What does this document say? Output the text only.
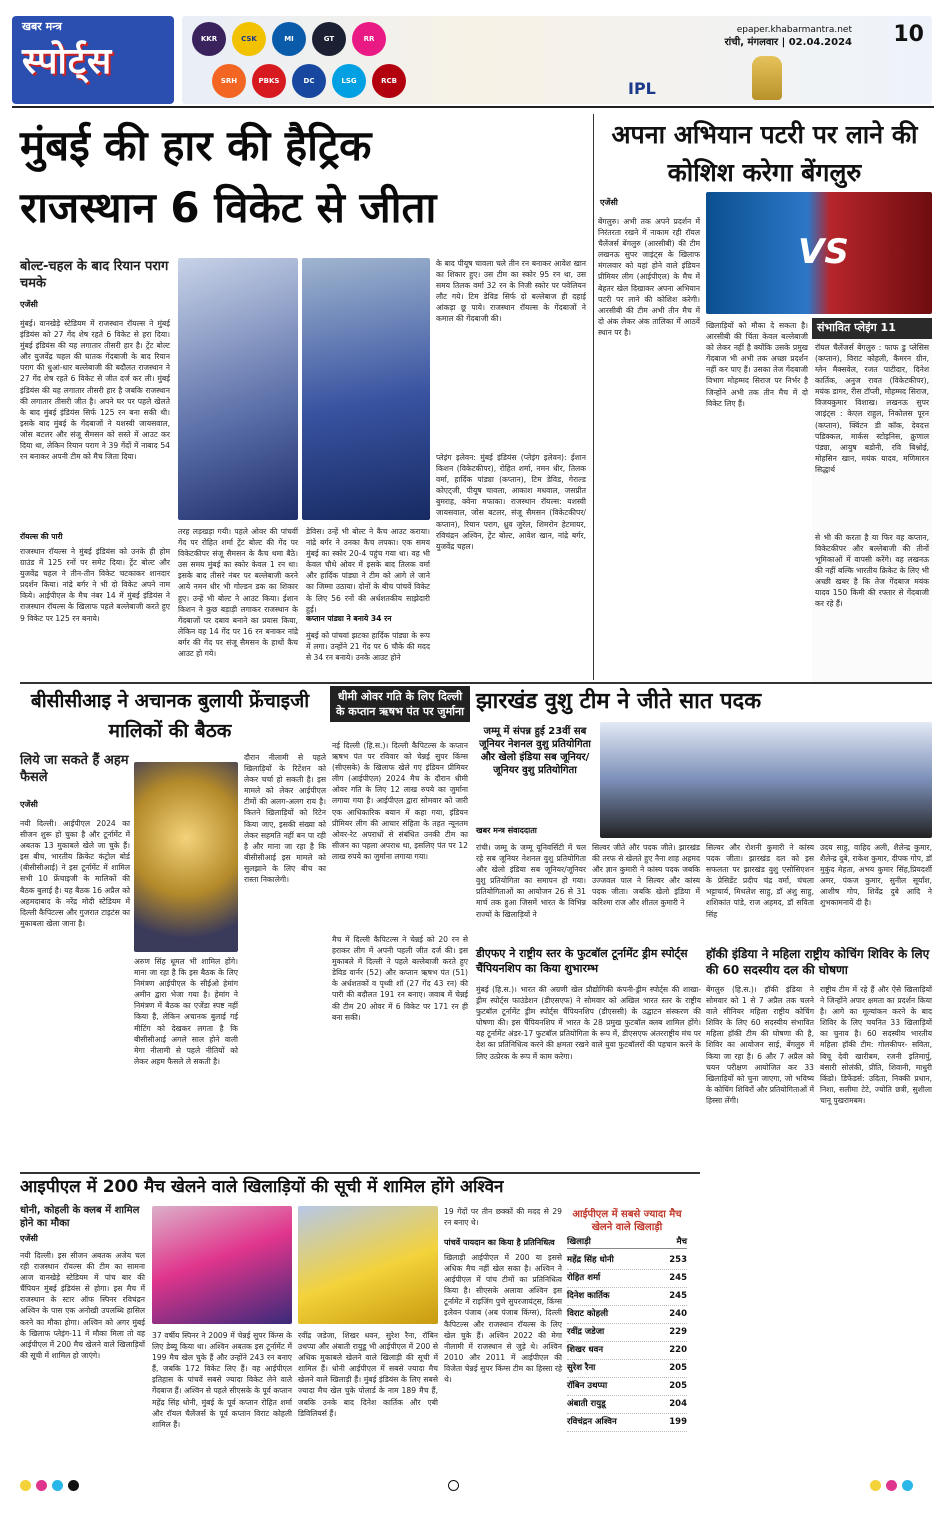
खबर मन्त्र
स्पोर्ट्स
KKR	CSK	MI	GT	RR
SRH	PBKS	DC	LSG	RCB	IPL
epaper.khabarmantra.net
रांची, मंगलवार | 02.04.2024 10
मुंबई की हार की हैट्रिक
राजस्थान 6 विकेट से जीता
बोल्ट-चहल के बाद रियान पराग चमके
एजेंसी
मुंबई। वानखेड़े स्टेडियम में राजस्थान रॉयल्स ने मुंबई इंडियंस को 27 गेंद शेष रहते 6 विकेट से हरा दिया। मुंबई इंडियंस की यह लगातार तीसरी हार है। ट्रेंट बोल्ट और युजवेंद्र चहल की घातक गेंदबाजी के बाद रियान पराग की धुआं-धार बल्लेबाजी की बदौलत राजस्थान ने 27 गेंद शेष रहते 6 विकेट से जीत दर्ज कर ली। मुंबई इंडियंस की यह लगातार तीसरी हार है जबकि राजस्थान की लगातार तीसरी जीत है। अपने घर पर पहले खेलते के बाद मुंबई इंडियंस सिर्फ 125 रन बना सकी थी। इसके बाद मुंबई के गेंदबाजों ने यशस्वी जायसवाल, जोस बटलर और संजू सैमसन को सस्ते में आउट कर दिया था, लेकिन रियान पराग ने 39 गेंदों में नाबाद 54 रन बनाकर अपनी टीम को मैच जिता दिया।
रॉयल्स की पारी
राजस्थान रॉयल्स ने मुंबई इंडियंस को उनके ही होम ग्राउंड में 125 रनों पर समेट दिया। ट्रेंट बोल्ट और युजवेंद्र चहल ने तीन-तीन विकेट चटकाकर शानदार प्रदर्शन किया। नांद्रे बर्गर ने भी दो विकेट अपने नाम किये। आईपीएल के मैच नंबर 14 में मुंबई इंडियंस ने राजस्थान रॉयल्स के खिलाफ पहले बल्लेबाजी करते हुए 9 विकेट पर 125 रन बनाये।
तरह लड़खड़ा गयी। पहले ओवर की पांचवीं गेंद पर रोहित शर्मा ट्रेंट बोल्ट की गेंद पर विकेटकीपर संजू सैमसन के कैच थमा बैठे। उस समय मुंबई का स्कोर केवल 1 रन था। इसके बाद तीसरे नंबर पर बल्लेबाजी करने आये नमन धीर भी गोल्डन डक का शिकार हुए। उन्हें भी बोल्ट ने आउट किया। ईशान किशन ने कुछ बड़ाड़ी लगाकर राजस्थान के गेंदबाजों पर दबाव बनाने का प्रयास किया, लेकिन वह 14 गेंद पर 16 रन बनाकर नांद्रे बर्गर की गेंद पर संजू सैमसन के हाथों कैच आउट हो गये।
डेविस। उन्हें भी बोल्ट ने कैच आउट कराया। नांद्रे बर्गर ने उनका कैच लपका। एक समय मुंबई का स्कोर 20-4 पहुंच गया था। वह भी केवल चौथे ओवर में इसके बाद तिलक वर्मा और हार्दिक पांड्या ने टीम को आगे ले जाने का जिम्मा उठाया। दोनों के बीच पांचवें विकेट के लिए 56 रनों की अर्धशतकीय साझेदारी हुई।
कप्तान पांड्या ने बनाये 34 रन
मुंबई को पांचवां झटका हार्दिक पांड्या के रूप में लगा। उन्होंने 21 गेंद पर 6 चौके की मदद से 34 रन बनाये। उनके आउट होने
के बाद पीयूष चावला चले तीन रन बनाकर आवेश खान का शिकार हुए। उस टीम का स्कोर 95 रन था, उस समय तिलक वर्मा 32 रन के निजी स्कोर पर पवेलियन लौट गये। टिम डेविड सिर्फ दो बल्लेबाज ही दहाई आंकड़ा छू पाये। राजस्थान रॉयल्स के गेंदबाजों ने कमाल की गेंदबाजी की।
प्लेइंग इलेवन: मुंबई इंडियंस (प्लेइंग इलेवन): ईशान किशन (विकेटकीपर), रोहित शर्मा, नमन धीर, तिलक वर्मा, हार्दिक पांड्या (कप्तान), टिम डेविड, गेराल्ड कोएट्जी, पीयूष चावला, आकाश मधवाल, जसप्रीत बुमराह, क्वेना मफाका। राजस्थान रॉयल्स: यशस्वी जायसवाल, जोस बटलर, संजू सैमसन (विकेटकीपर/कप्तान), रियान पराग, ध्रुव जुरेल, शिमरोन हेटमायर, रविचंद्रन अश्विन, ट्रेंट बोल्ट, आवेश खान, नांद्रे बर्गर, युजवेंद्र चहल।
अपना अभियान पटरी पर लाने की कोशिश करेगा बेंगलुरु
एजेंसी
बेंगलुरु। अभी तक अपने प्रदर्शन में निरंतरता रखने में नाकाम रही रॉयल चैलेंजर्स बेंगलुरु (आरसीबी) की टीम लखनऊ सुपर जाइंट्स के खिलाफ मंगलवार को यहां होने वाले इंडियन प्रीमियर लीग (आईपीएल) के मैच में बेहतर खेल दिखाकर अपना अभियान पटरी पर लाने की कोशिश करेगी। आरसीबी की टीम अभी तीन मैच में दो अंक लेकर अंक तालिका में आठवें स्थान पर है।
VS
खिलाड़ियों को मौका दे सकता है। आरसीबी की चिंता केवल बल्लेबाजी को लेकर नहीं है क्योंकि उसके प्रमुख गेंदबाज भी अभी तक अच्छा प्रदर्शन नहीं कर पाए हैं। उसका तेज गेंदबाजी विभाग मोहम्मद सिराज पर निर्भर है जिन्होंने अभी तक तीन मैच में दो विकेट लिए हैं।
संभावित प्लेइंग 11
रॉयल चैलेंजर्स बेंगलुरु : फाफ डु प्लेसिस (कप्तान), विराट कोहली, कैमरन ग्रीन, ग्लेन मैक्सवेल, रजत पाटीदार, दिनेश कार्तिक, अनुज रावत (विकेटकीपर), मयंक डागर, रीस टॉप्ली, मोहम्मद सिराज, विजयकुमार विशाख। लखनऊ सुपर जाइंट्स : केएल राहुल, निकोलस पूरन (कप्तान), क्विंटन डी कॉक, देवदत्त पडिक्कल, मार्कस स्टोइनिस, क्रुणाल पंड्या, आयुष बडोनी, रवि बिश्नोई, मोहसिन खान, मयंक यादव, मणिमारन सिद्धार्थ
से भी की करता है या फिर वह कप्तान, विकेटकीपर और बल्लेबाजी की तीनों भूमिकाओं में वापसी करेंगे। वह लखनऊ की नहीं बल्कि भारतीय क्रिकेट के लिए भी अच्छी खबर है कि तेज गेंदबाज मयंक यादव 150 किमी की रफ्तार से गेंदबाजी कर रहे हैं।
बीसीसीआइ ने अचानक बुलायी फ्रेंचाइजी मालिकों की बैठक
लिये जा सकते हैं अहम फैसले
एजेंसी
नयी दिल्ली। आईपीएल 2024 का सीजन शुरू हो चुका है और टूर्नामेंट में अबतक 13 मुकाबले खेले जा चुके हैं। इस बीच, भारतीय क्रिकेट कंट्रोल बोर्ड (बीसीसीआई) ने इस टूर्नामेंट में शामिल सभी 10 फ्रेंचाइजी के मालिकों की बैठक बुलाई है। यह बैठक 16 अप्रैल को अहमदाबाद के नरेंद्र मोदी स्टेडियम में दिल्ली कैपिटल्स और गुजरात टाइटंस का मुकाबला खेला जाना है।
अरुण सिंह धूमल भी शामिल होंगे। माना जा रहा है कि इस बैठक के लिए निमंत्रण आईपीएल के सीईओ हेमांग अमीन द्वारा भेजा गया है। हेमांग ने निमंत्रण में बैठक का एजेंडा स्पष्ट नहीं किया है, लेकिन अचानक बुलाई गई मीटिंग को देखकर लगता है कि बीसीसीआई अगले साल होने वाली मेगा नीलामी से पहले नीतियों को लेकर अहम फैसले ले सकती है।
दौरान नीलामी से पहले खिलाड़ियों के रिटेंशन को लेकर चर्चा हो सकती है। इस मामले को लेकर आईपीएल टीमों की अलग-अलग राय है। कितने खिलाड़ियों को रिटेन किया जाए, इसकी संख्या को लेकर सहमति नहीं बन पा रही है और माना जा रहा है कि बीसीसीआई इस मामले को सुलझाने के लिए बीच का रास्ता निकालेगी।
धीमी ओवर गति के लिए दिल्ली के कप्तान ऋषभ पंत पर जुर्माना
नई दिल्ली (हि.स.)। दिल्ली कैपिटल्स के कप्तान ऋषभ पंत पर रविवार को चेन्नई सुपर किंग्स (सीएसके) के खिलाफ खेले गए इंडियन प्रीमियर लीग (आईपीएल) 2024 मैच के दौरान धीमी ओवर गति के लिए 12 लाख रुपये का जुर्माना लगाया गया है। आईपीएल द्वारा सोमवार को जारी एक आधिकारिक बयान में कहा गया, इंडियन प्रीमियर लीग की आचार संहिता के तहत न्यूनतम ओवर-रेट अपराधों से संबंधित उनकी टीम का सीजन का पहला अपराध था, इसलिए पंत पर 12 लाख रुपये का जुर्माना लगाया गया।
मैच में दिल्ली कैपिटल्स ने चेन्नई को 20 रन से हराकर लीग में अपनी पहली जीत दर्ज की। इस मुकाबले में दिल्ली ने पहले बल्लेबाजी करते हुए डेविड वार्नर (52) और कप्तान ऋषभ पंत (51) के अर्धशतकों व पृथ्वी शॉ (27 गेंद 43 रन) की पारी की बदौलत 191 रन बनाए। जवाब में चेन्नई की टीम 20 ओवर में 6 विकेट पर 171 रन ही बना सकी।
झारखंड वुशु टीम ने जीते सात पदक
जम्मू में संपन्न हुई 23वीं सब जूनियर नेशनल वुशु प्रतियोगिता और खेलो इंडिया सब जूनियर/जूनियर वुशु प्रतियोगिता
खबर मन्त्र संवाददाता
रांची। जम्मू के जम्मू यूनिवर्सिटी में चल रहे सब जूनियर नेशनल वुशु प्रतियोगिता और खेलो इंडिया सब जूनियर/जूनियर वुशु प्रतियोगिता का समापन हो गया। प्रतियोगिताओं का आयोजन 26 से 31 मार्च तक हुआ जिसमें भारत के विभिन्न राज्यों के खिलाड़ियों ने
सिल्वर जीते और पदक जीते। झारखंड की तरफ से खेलते हुए नैना शाह अहमद और ज्ञान कुमारी ने कांस्य पदक जबकि उज्जवल पाल ने सिल्वर और कांस्य पदक जीता। जबकि खेलो इंडिया में करिश्मा राज और शीतल कुमारी ने
सिल्वर और रोशनी कुमारी ने कांस्य पदक जीता। झारखंड दल को इस सफलता पर झारखंड वुशु एसोसिएशन के प्रेसिडेंट प्रदीप चंद्र वर्मा, चंचला भट्टाचार्य, मिथलेश साहु, डॉ अंशु साहु, शशिकांत पांडे, राज अहमद, डॉ सविता सिंह
उदय साहु, वाहिद अली, शैलेन्द्र कुमार, शैलेन्द्र दुबे, राकेश कुमार, दीपक गोप, डॉ मुकुंद मेहता, अभय कुमार सिंह,प्रियदर्शी अमर, पंकज कुमार, सुनील सूर्यांश, आशीष गोप, शिवेंद्र दुबे आदि ने शुभकामनायें दी है।
डीएफए ने राष्ट्रीय स्तर के फुटबॉल टूर्नामेंट ड्रीम स्पोर्ट्स चैंपियनशिप का किया शुभारम्भ
मुंबई (हि.स.)। भारत की अग्रणी खेल प्रौद्योगिकी कंपनी-ड्रीम स्पोर्ट्स की शाखा- ड्रीम स्पोर्ट्स फाउंडेशन (डीएसएफ) ने सोमवार को अखिल भारत स्तर के राष्ट्रीय फुटबॉल टूर्नामेंट ड्रीम स्पोर्ट्स चैंपियनशिप (डीएससी) के उद्घाटन संस्करण की घोषणा की। इस चैंपियनशिप में भारत के 28 प्रमुख फुटबॉल क्लब शामिल होंगे। यह टूर्नामेंट अंडर-17 फुटबॉल प्रतियोगिता के रूप में, डीएसएफ अंतरराष्ट्रीय मंच पर देश का प्रतिनिधित्व करने की क्षमता रखने वाले युवा फुटबॉलरों की पहचान करने के लिए उत्प्रेरक के रूप में काम करेगा।
हॉकी इंडिया ने महिला राष्ट्रीय कोचिंग शिविर के लिए की 60 सदस्यीय दल की घोषणा
बेंगलुरु (हि.स.)। हॉकी इंडिया ने सोमवार को 1 से 7 अप्रैल तक चलने वाले सीनियर महिला राष्ट्रीय कोचिंग शिविर के लिए 60 सदस्यीय संभावित महिला हॉकी टीम की घोषणा की है, शिविर का आयोजन साई, बेंगलुरु में किया जा रहा है। 6 और 7 अप्रैल को चयन परीक्षण आयोजित कर 33 खिलाड़ियों को चुना जाएगा, जो भविष्य के कोचिंग शिविरों और प्रतियोगिताओं में हिस्सा लेंगी।
राष्ट्रीय टीम में रहे हैं और ऐसे खिलाड़ियों ने जिन्होंने अपार क्षमता का प्रदर्शन किया है। आगे का मूल्यांकन करने के बाद शिविर के लिए चयनित 33 खिलाड़ियों का चुनाव है। 60 सदस्यीय भारतीय महिला हॉकी टीम: गोलकीपर- सविता, बिचू देवी खारीबम, रजनी इतिमार्पु, बंसारी सोलंकी, प्रीति, शिवानी, माधुरी किंडो। डिफेंडर्स: उदिता, निक्की प्रधान, निशा, सलीमा टेटे, ज्योति छत्री, सुशीला चानू पुखरामबम।
आइपीएल में 200 मैच खेलने वाले खिलाड़ियों की सूची में शामिल होंगे अश्विन
धोनी, कोहली के क्लब में शामिल होने का मौका
एजेंसी
नयी दिल्ली। इस सीजन अबतक अजेय चल रही राजस्थान रॉयल्स की टीम का सामना आज वानखेड़े स्टेडियम में पांच बार की चैंपियन मुंबई इंडियंस से होगा। इस मैच में राजस्थान के स्टार ऑफ स्पिनर रविचंद्रन अश्विन के पास एक अनोखी उपलब्धि हासिल करने का मौका होगा। अश्विन को अगर मुंबई के खिलाफ प्लेइंग-11 में मौका मिला तो वह आईपीएल में 200 मैच खेलने वाले खिलाड़ियों की सूची में शामिल हो जाएंगे।
37 वर्षीय स्पिनर ने 2009 में चेन्नई सुपर किंग्स के लिए डेब्यू किया था। अश्विन अबतक इस टूर्नामेंट में 199 मैच खेल चुके हैं और उन्होंने 243 रन बनाए हैं, जबकि 172 विकेट लिए हैं। वह आईपीएल इतिहास के पांचवें सबसे ज्यादा विकेट लेने वाले गेंदबाज हैं। अश्विन से पहले सीएसके के पूर्व कप्तान महेंद्र सिंह धोनी, मुंबई के पूर्व कप्तान रोहित शर्मा और रॉयल चैलेंजर्स के पूर्व कप्तान विराट कोहली शामिल हैं।
रवींद्र जडेजा, शिखर धवन, सुरेश रैना, रॉबिन उथप्पा और अंबाती रायुडू भी आईपीएल में 200 से अधिक मुकाबले खेलने वाले खिलाड़ी की सूची में शामिल हैं। धोनी आईपीएल में सबसे ज्यादा मैच खेलने वाले खिलाड़ी हैं। मुंबई इंडियंस के लिए सबसे ज्यादा मैच खेल चुके पोलार्ड के नाम 189 मैच हैं, जबकि उनके बाद दिनेश कार्तिक और एबी डिविलियर्स हैं।
19 गेंदों पर तीन छक्कों की मदद से 29 रन बनाए थे।
पांचवें पायदान का किया है प्रतिनिधित्व
खिलाड़ी आईपीएल में 200 या इससे अधिक मैच नहीं खेल सका है। अश्विन ने आईपीएल में पांच टीमों का प्रतिनिधित्व किया है। सीएसके अलावा अश्विन इस टूर्नामेंट में राइजिंग पुणे सुपरजायंट्स, किंग्स इलेवन पंजाब (अब पंजाब किंग्स), दिल्ली कैपिटल्स और राजस्थान रॉयल्स के लिए खेल चुके हैं। अश्विन 2022 की मेगा नीलामी में राजस्थान से जुड़े थे। अश्विन 2010 और 2011 में आईपीएल की विजेता चेन्नई सुपर किंग्स टीम का हिस्सा रहे थे।
आईपीएल में सबसे ज्यादा मैच खेलने वाले खिलाड़ी
खिलाड़ी	मैच
महेंद्र सिंह धोनी	253
रोहित शर्मा	245
दिनेश कार्तिक	245
विराट कोहली	240
रवींद्र जडेजा	229
शिखर धवन	220
सुरेश रैना	205
रॉबिन उथप्पा	205
अंबाती रायुडू	204
रविचंद्रन अश्विन	199
